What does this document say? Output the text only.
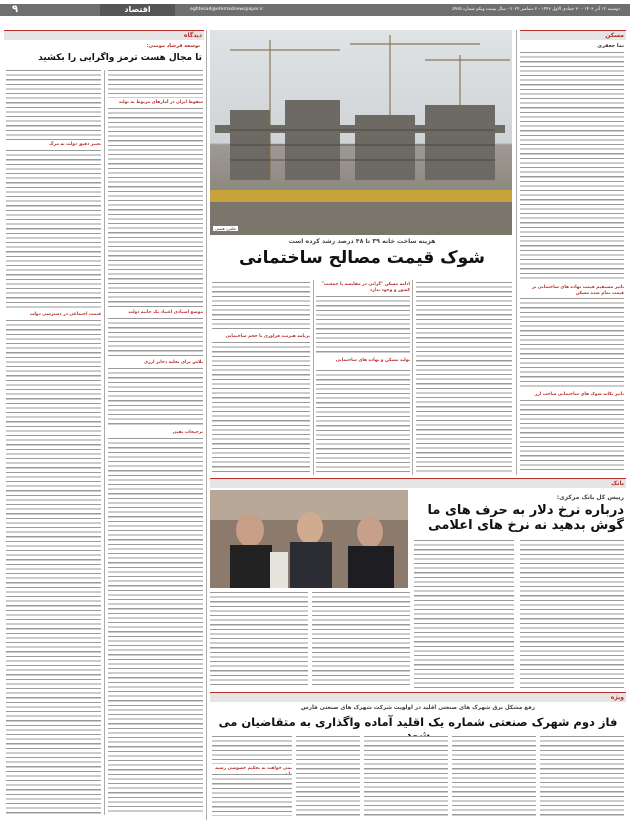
۹	اقتصاد	eghtesad@etemadnewspaper.ir	دوشنبه ۱۲ آذر ۱۴۰۳ - ۳۰ جمادی الاول ۱۴۴۶ - ۲ دسامبر ۲۰۲۴ - سال بیست ویکم شماره ۵۹۶۵
دیدگاه
توسعه فرشاد مومنی:
تا مجال هست ترمز واگرایی را بکشید
سقوط ایران در آمارهای مربوط به تولید
موضع اسنادی اعتیاد تک جانبه دولت
تلاش برای تخلیه ذخایر ارزی
ترجیحات نفتی
تعبیر دقیق دولت به مرگ
قیمت اجتماعی در دسترسی دولت
عکس: هستی
هزینه ساخت خانه ۳۹ تا ۴۸ درصد رشد کرده است
شوک قیمت مصالح ساختمانی
ادامه مسکن "گرانی در مقایسه با جمعیت" کشور و وجود ندارد
تولید مسکن و نهاده های ساختمانی
برنامه هنرمند فراوری با حجم ساختمانی
بانک
رییس کل بانک مرکزی:
درباره نرخ دلار به حرف های ما گوش بدهید نه نرخ های اعلامی
ویژه
رفع مشکل برق شهرک های صنعتی اقلید در اولویت شرکت شهرک های صنعتی فارس
فاز دوم شهرک صنعتی شماره یک اقلید آماده واگذاری به متقاضیان می
نمی خواهند به تحکیم خصوصی رشته
مسکن
تما جعفری
تاثیر مستقیم قیمت نهاده های ساختمانی بر قیمت تمام شده مسکن
تاثیر تکانه شوک های ساختمانی ساخت ارز
